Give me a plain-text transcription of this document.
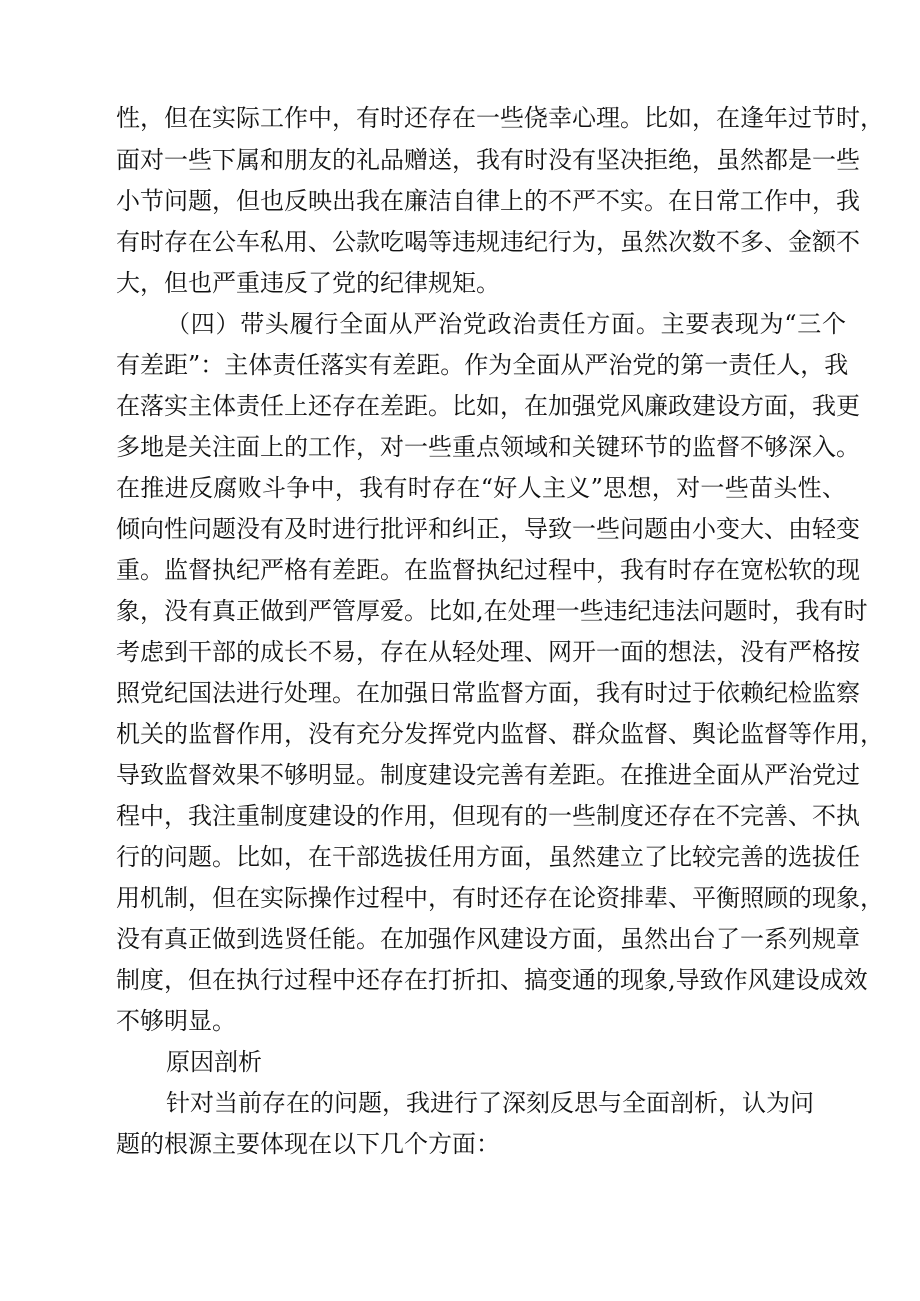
性，但在实际工作中，有时还存在一些侥幸心理。比如，在逢年过节时，
面对一些下属和朋友的礼品赠送，我有时没有坚决拒绝，虽然都是一些
小节问题，但也反映出我在廉洁自律上的不严不实。在日常工作中，我
有时存在公车私用、公款吃喝等违规违纪行为，虽然次数不多、金额不
大，但也严重违反了党的纪律规矩。
（四）带头履行全面从严治党政治责任方面。主要表现为“三个
有差距”：主体责任落实有差距。作为全面从严治党的第一责任人，我
在落实主体责任上还存在差距。比如，在加强党风廉政建设方面，我更
多地是关注面上的工作，对一些重点领域和关键环节的监督不够深入。
在推进反腐败斗争中，我有时存在“好人主义”思想，对一些苗头性、
倾向性问题没有及时进行批评和纠正，导致一些问题由小变大、由轻变
重。监督执纪严格有差距。在监督执纪过程中，我有时存在宽松软的现
象，没有真正做到严管厚爱。比如,在处理一些违纪违法问题时，我有时
考虑到干部的成长不易，存在从轻处理、网开一面的想法，没有严格按
照党纪国法进行处理。在加强日常监督方面，我有时过于依赖纪检监察
机关的监督作用，没有充分发挥党内监督、群众监督、舆论监督等作用，
导致监督效果不够明显。制度建设完善有差距。在推进全面从严治党过
程中，我注重制度建设的作用，但现有的一些制度还存在不完善、不执
行的问题。比如，在干部选拔任用方面，虽然建立了比较完善的选拔任
用机制，但在实际操作过程中，有时还存在论资排辈、平衡照顾的现象，
没有真正做到选贤任能。在加强作风建设方面，虽然出台了一系列规章
制度，但在执行过程中还存在打折扣、搞变通的现象,导致作风建设成效
不够明显。
原因剖析
针对当前存在的问题，我进行了深刻反思与全面剖析，认为问
题的根源主要体现在以下几个方面：
